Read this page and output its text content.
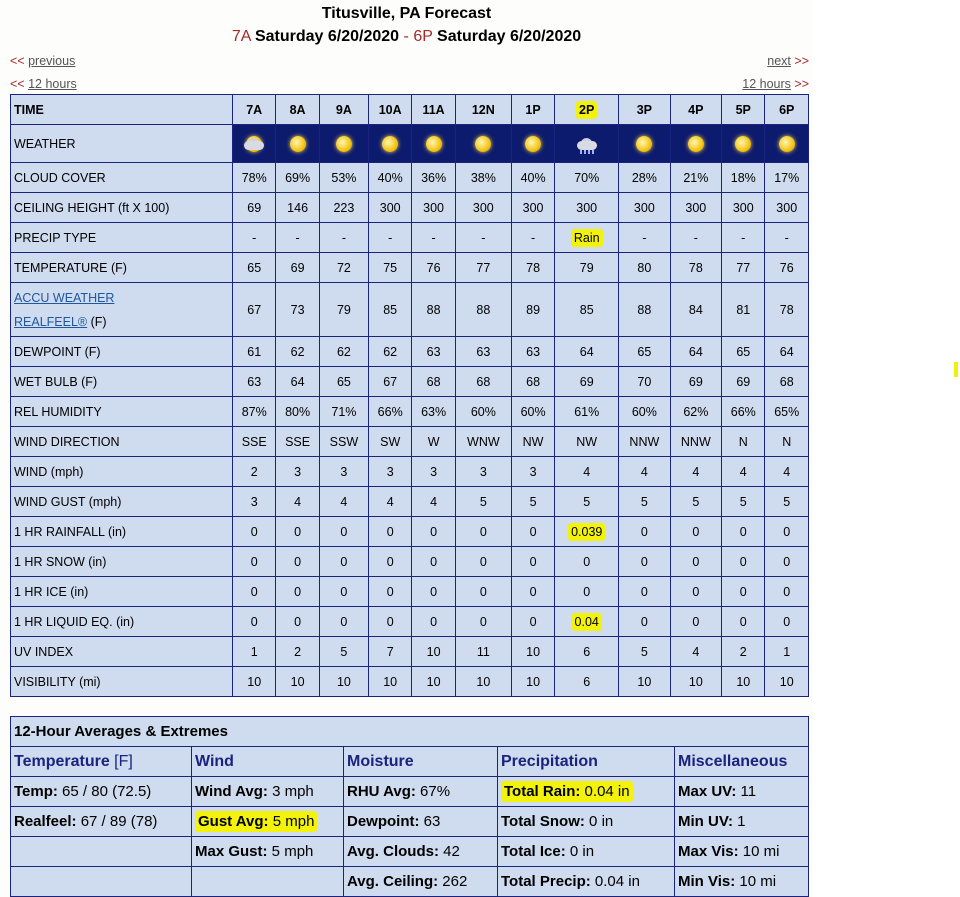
Titusville, PA Forecast
7A Saturday 6/20/2020 - 6P Saturday 6/20/2020
<< previous	next >>
<< 12 hours	12 hours >>
TIME	7A	8A	9A	10A	11A	12N	1P	2P	3P	4P	5P	6P
WEATHER	

CLOUD COVER	78%	69%	53%	40%	36%	38%	40%	70%	28%	21%	18%	17%
CEILING HEIGHT (ft X 100)	69	146	223	300	300	300	300	300	300	300	300	300
PRECIP TYPE	-	-	-	-	-	-	-	Rain	-	-	-	-
TEMPERATURE (F)	65	69	72	75	76	77	78	79	80	78	77	76
ACCU WEATHER
REALFEEL® (F)	67	73	79	85	88	88	89	85	88	84	81	78
DEWPOINT (F)	61	62	62	62	63	63	63	64	65	64	65	64
WET BULB (F)	63	64	65	67	68	68	68	69	70	69	69	68
REL HUMIDITY	87%	80%	71%	66%	63%	60%	60%	61%	60%	62%	66%	65%
WIND DIRECTION	SSE	SSE	SSW	SW	W	WNW	NW	NW	NNW	NNW	N	N
WIND (mph)	2	3	3	3	3	3	3	4	4	4	4	4
WIND GUST (mph)	3	4	4	4	4	5	5	5	5	5	5	5
1 HR RAINFALL (in)	0	0	0	0	0	0	0	0.039	0	0	0	0
1 HR SNOW (in)	0	0	0	0	0	0	0	0	0	0	0	0
1 HR ICE (in)	0	0	0	0	0	0	0	0	0	0	0	0
1 HR LIQUID EQ. (in)	0	0	0	0	0	0	0	0.04	0	0	0	0
UV INDEX	1	2	5	7	10	11	10	6	5	4	2	1
VISIBILITY (mi)	10	10	10	10	10	10	10	6	10	10	10	10
12-Hour Averages & Extremes				
Temperature [F]	Wind	Moisture	Precipitation	Miscellaneous
Temp: 65 / 80 (72.5)	Wind Avg: 3 mph	RHU Avg: 67%	Total Rain: 0.04 in	Max UV: 11
Realfeel: 67 / 89 (78)	Gust Avg: 5 mph	Dewpoint: 63	Total Snow: 0 in	Min UV: 1
	Max Gust: 5 mph	Avg. Clouds: 42	Total Ice: 0 in	Max Vis: 10 mi
		Avg. Ceiling: 262	Total Precip: 0.04 in	Min Vis: 10 mi
